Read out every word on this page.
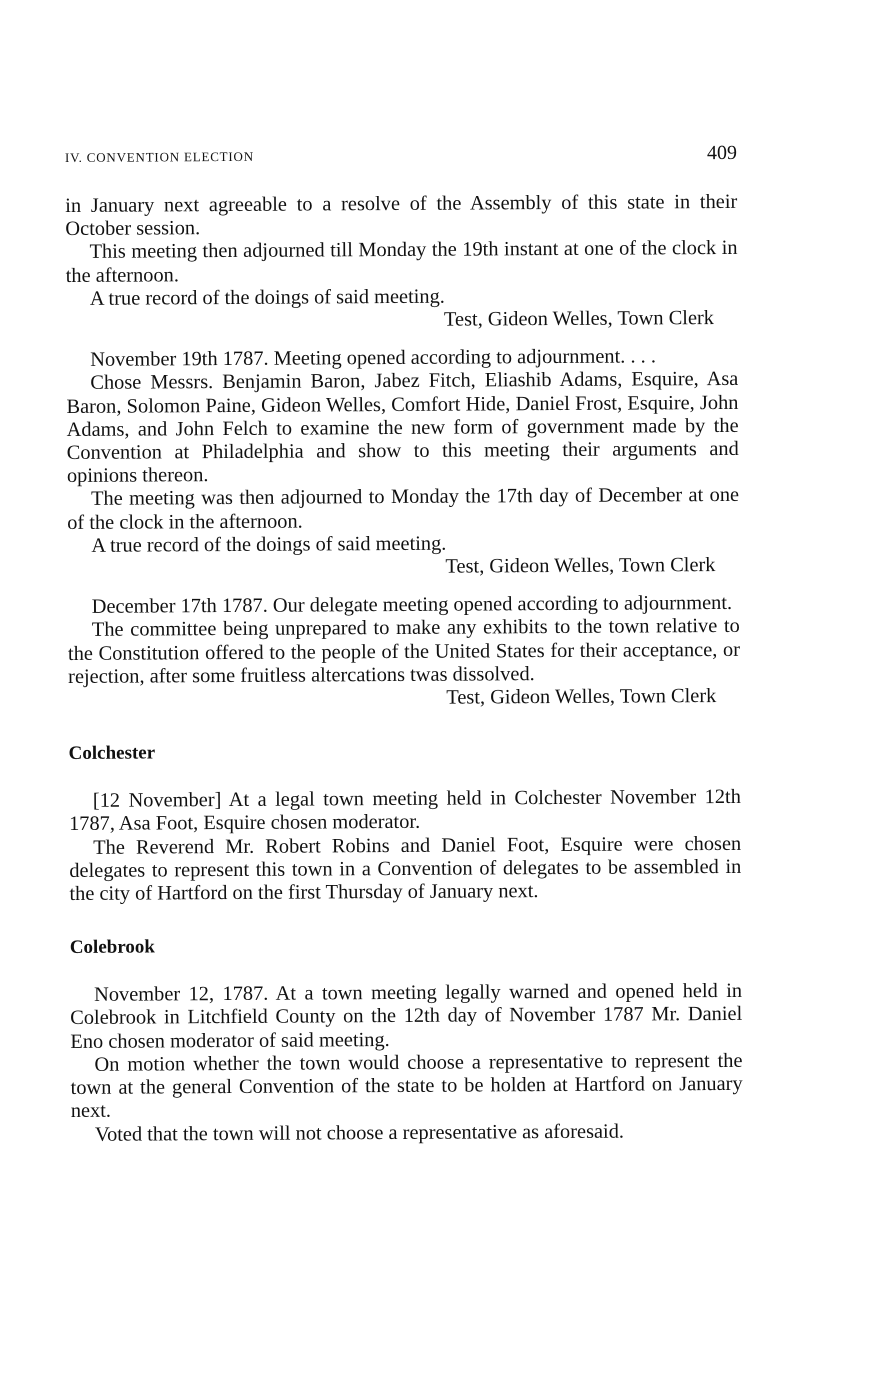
IV. CONVENTION ELECTION	409

in January next agreeable to a resolve of the Assembly of this state in their October session.

This meeting then adjourned till Monday the 19th instant at one of the clock in the afternoon.

A true record of the doings of said meeting.

Test, Gideon Welles, Town Clerk

November 19th 1787. Meeting opened according to adjournment. . . .

Chose Messrs. Benjamin Baron, Jabez Fitch, Eliashib Adams, Esquire, Asa Baron, Solomon Paine, Gideon Welles, Comfort Hide, Daniel Frost, Esquire, John Adams, and John Felch to examine the new form of government made by the Convention at Philadelphia and show to this meeting their arguments and opinions thereon.

The meeting was then adjourned to Monday the 17th day of December at one of the clock in the afternoon.

A true record of the doings of said meeting.

Test, Gideon Welles, Town Clerk

December 17th 1787. Our delegate meeting opened according to adjournment.

The committee being unprepared to make any exhibits to the town relative to the Constitution offered to the people of the United States for their acceptance, or rejection, after some fruitless altercations twas dissolved.

Test, Gideon Welles, Town Clerk

Colchester

[12 November] At a legal town meeting held in Colchester November 12th 1787, Asa Foot, Esquire chosen moderator.

The Reverend Mr. Robert Robins and Daniel Foot, Esquire were chosen delegates to represent this town in a Convention of delegates to be assembled in the city of Hartford on the first Thursday of January next.

Colebrook

November 12, 1787. At a town meeting legally warned and opened held in Colebrook in Litchfield County on the 12th day of November 1787 Mr. Daniel Eno chosen moderator of said meeting.

On motion whether the town would choose a representative to represent the town at the general Convention of the state to be holden at Hartford on January next.

Voted that the town will not choose a representative as aforesaid.
